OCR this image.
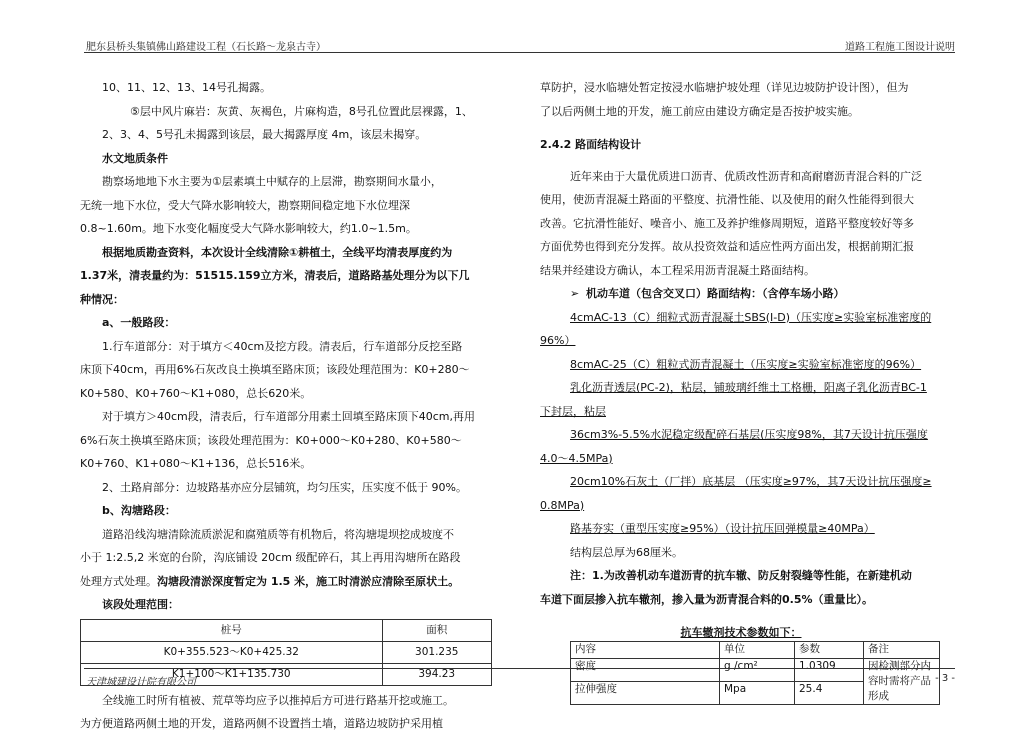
肥东县桥头集镇佛山路建设工程（石长路～龙泉古寺）	道路工程施工图设计说明

10、11、12、13、14号孔揭露。

⑤层中风片麻岩：灰黄、灰褐色，片麻构造，8号孔位置此层裸露，1、

2、3、4、5号孔未揭露到该层，最大揭露厚度 4m，该层未揭穿。

水文地质条件

勘察场地地下水主要为①层素填土中赋存的上层滞，勘察期间水量小，

无统一地下水位，受大气降水影响较大，勘察期间稳定地下水位埋深

0.8~1.60m。地下水变化幅度受大气降水影响较大，约1.0~1.5m。

根据地质勘查资料，本次设计全线清除①耕植土，全线平均清表厚度约为

1.37米，清表量约为：51515.159立方米，清表后，道路路基处理分为以下几

种情况：

a、一般路段：

1.行车道部分：对于填方＜40cm及挖方段。清表后，行车道部分反挖至路

床顶下40cm，再用6%石灰改良土换填至路床顶；该段处理范围为：K0+280～

K0+580、K0+760～K1+080，总长620米。

对于填方＞40cm段，清表后，行车道部分用素土回填至路床顶下40cm,再用

6%石灰土换填至路床顶；该段处理范围为：K0+000～K0+280、K0+580～

K0+760、K1+080～K1+136，总长516米。

2、土路肩部分：边坡路基亦应分层铺筑，均匀压实，压实度不低于 90%。

b、沟塘路段：

道路沿线沟塘清除流质淤泥和腐殖质等有机物后，将沟塘堤坝挖成坡度不

小于 1:2.5,2 米宽的台阶，沟底铺设 20cm 级配碎石，其上再用沟塘所在路段

处理方式处理。沟塘段清淤深度暂定为 1.5 米，施工时清淤应清除至原状土。

该段处理范围：

桩号	面积
K0+355.523～K0+425.32	301.235
K1+100～K1+135.730	394.23

全线施工时所有植被、荒草等均应予以推掉后方可进行路基开挖或施工。

为方便道路两侧土地的开发，道路两侧不设置挡土墙，道路边坡防护采用植

草防护，浸水临塘处暂定按浸水临塘护坡处理（详见边坡防护设计图），但为

了以后两侧土地的开发，施工前应由建设方确定是否按护坡实施。

2.4.2 路面结构设计

近年来由于大量优质进口沥青、优质改性沥青和高耐磨沥青混合料的广泛

使用，使沥青混凝土路面的平整度、抗滑性能、以及使用的耐久性能得到很大

改善。它抗滑性能好、噪音小、施工及养护维修周期短，道路平整度较好等多

方面优势也得到充分发挥。故从投资效益和适应性两方面出发，根据前期汇报

结果并经建设方确认，本工程采用沥青混凝土路面结构。

➢ 机动车道（包含交叉口）路面结构：（含停车场小路）

4cmAC-13（C）细粒式沥青混凝土SBS(I-D)（压实度≥实验室标准密度的

96%）

8cmAC-25（C）粗粒式沥青混凝土（压实度≥实验室标准密度的96%）

乳化沥青透层(PC-2)，粘层，铺玻璃纤维土工格栅，阳离子乳化沥青BC-1

下封层，粘层

36cm3%-5.5%水泥稳定级配碎石基层(压实度98%，其7天设计抗压强度

4.0～4.5MPa)

20cm10%石灰土（厂拌）底基层 （压实度≥97%，其7天设计抗压强度≥

0.8MPa)

路基夯实（重型压实度≥95%）（设计抗压回弹模量≥40MPa）

结构层总厚为68厘米。

注：1.为改善机动车道沥青的抗车辙、防反射裂缝等性能，在新建机动

车道下面层掺入抗车辙剂，掺入量为沥青混合料的0.5%（重量比）。

抗车辙剂技术参数如下：
内容	单位	参数	备注
密度	g /cm²	1.0309	因检测部分内容时需将产品形成
拉伸强度	Mpa	25.4	
天津城建设计院有限公司	- 3 -
